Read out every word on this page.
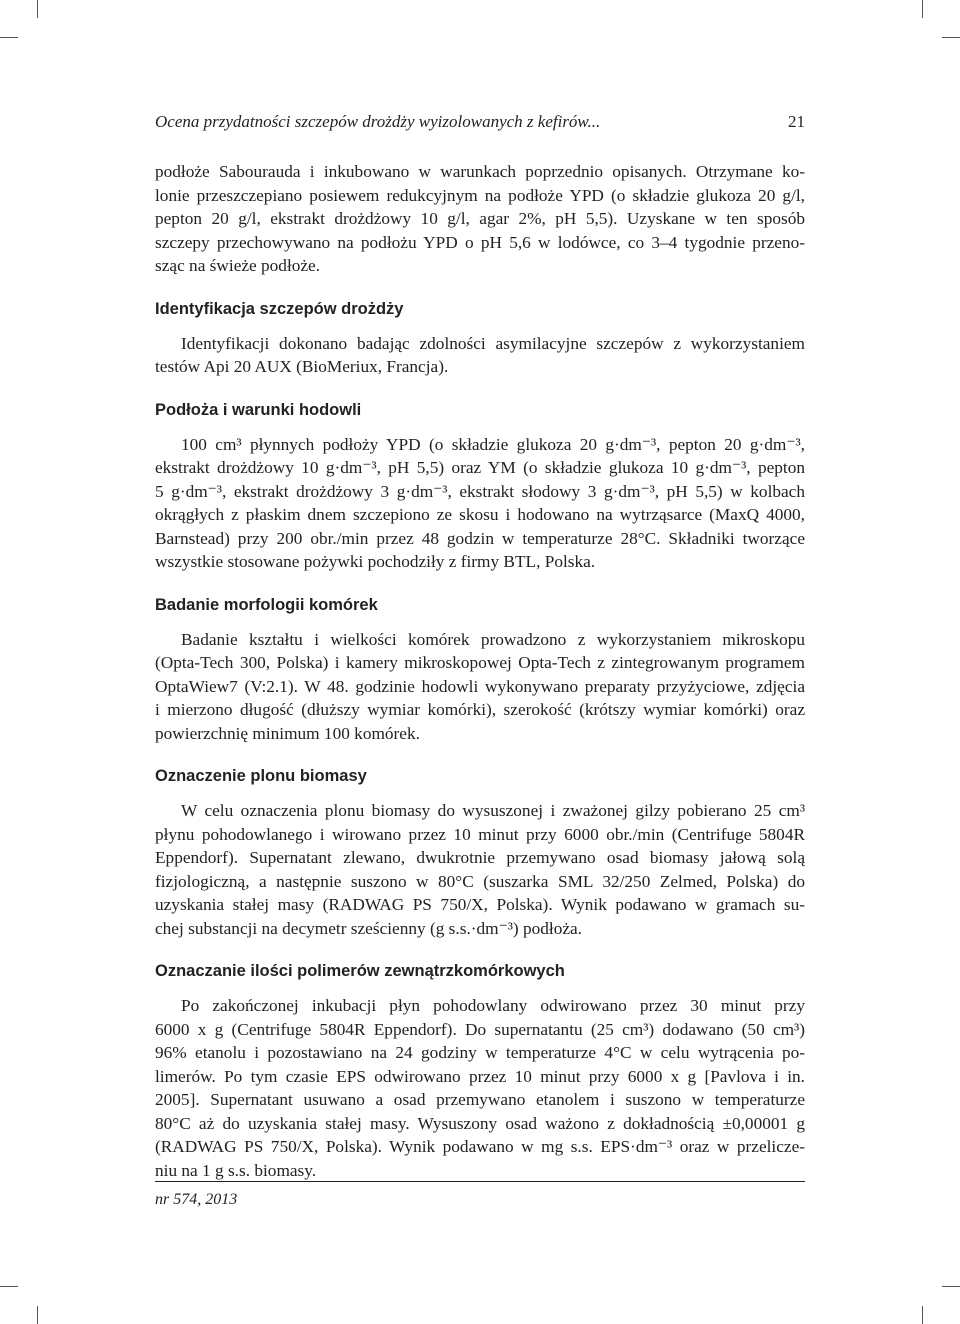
Ocena przydatności szczepów drożdży wyizolowanych z kefirów...	21
podłoże Sabourauda i inkubowano w warunkach poprzednio opisanych. Otrzymane ko-
lonie przeszczepiano posiewem redukcyjnym na podłoże YPD (o składzie glukoza 20 g/l,
pepton 20 g/l, ekstrakt drożdżowy 10 g/l, agar 2%, pH 5,5). Uzyskane w ten sposób
szczepy przechowywano na podłożu YPD o pH 5,6 w lodówce, co 3–4 tygodnie przeno-
sząc na świeże podłoże.
Identyfikacja szczepów drożdży
Identyfikacji dokonano badając zdolności asymilacyjne szczepów z wykorzystaniem
testów Api 20 AUX (BioMeriux, Francja).
Podłoża i warunki hodowli
100 cm³ płynnych podłoży YPD (o składzie glukoza 20 g·dm⁻³, pepton 20 g·dm⁻³,
ekstrakt drożdżowy 10 g·dm⁻³, pH 5,5) oraz YM (o składzie glukoza 10 g·dm⁻³, pepton
5 g·dm⁻³, ekstrakt drożdżowy 3 g·dm⁻³, ekstrakt słodowy 3 g·dm⁻³, pH 5,5) w kolbach
okrągłych z płaskim dnem szczepiono ze skosu i hodowano na wytrząsarce (MaxQ 4000,
Barnstead) przy 200 obr./min przez 48 godzin w temperaturze 28°C. Składniki tworzące
wszystkie stosowane pożywki pochodziły z firmy BTL, Polska.
Badanie morfologii komórek
Badanie kształtu i wielkości komórek prowadzono z wykorzystaniem mikroskopu
(Opta-Tech 300, Polska) i kamery mikroskopowej Opta-Tech z zintegrowanym programem
OptaWiew7 (V:2.1). W 48. godzinie hodowli wykonywano preparaty przyżyciowe, zdjęcia
i mierzono długość (dłuższy wymiar komórki), szerokość (krótszy wymiar komórki) oraz
powierzchnię minimum 100 komórek.
Oznaczenie plonu biomasy
W celu oznaczenia plonu biomasy do wysuszonej i zważonej gilzy pobierano 25 cm³
płynu pohodowlanego i wirowano przez 10 minut przy 6000 obr./min (Centrifuge 5804R
Eppendorf). Supernatant zlewano, dwukrotnie przemywano osad biomasy jałową solą
fizjologiczną, a następnie suszono w 80°C (suszarka SML 32/250 Zelmed, Polska) do
uzyskania stałej masy (RADWAG PS 750/X, Polska). Wynik podawano w gramach su-
chej substancji na decymetr sześcienny (g s.s.·dm⁻³) podłoża.
Oznaczanie ilości polimerów zewnątrzkomórkowych
Po zakończonej inkubacji płyn pohodowlany odwirowano przez 30 minut przy
6000 x g (Centrifuge 5804R Eppendorf). Do supernatantu (25 cm³) dodawano (50 cm³)
96% etanolu i pozostawiano na 24 godziny w temperaturze 4°C w celu wytrącenia po-
limerów. Po tym czasie EPS odwirowano przez 10 minut przy 6000 x g [Pavlova i in.
2005]. Supernatant usuwano a osad przemywano etanolem i suszono w temperaturze
80°C aż do uzyskania stałej masy. Wysuszony osad ważono z dokładnością ±0,00001 g
(RADWAG PS 750/X, Polska). Wynik podawano w mg s.s. EPS·dm⁻³ oraz w przelicze-
niu na 1 g s.s. biomasy.
nr 574, 2013
